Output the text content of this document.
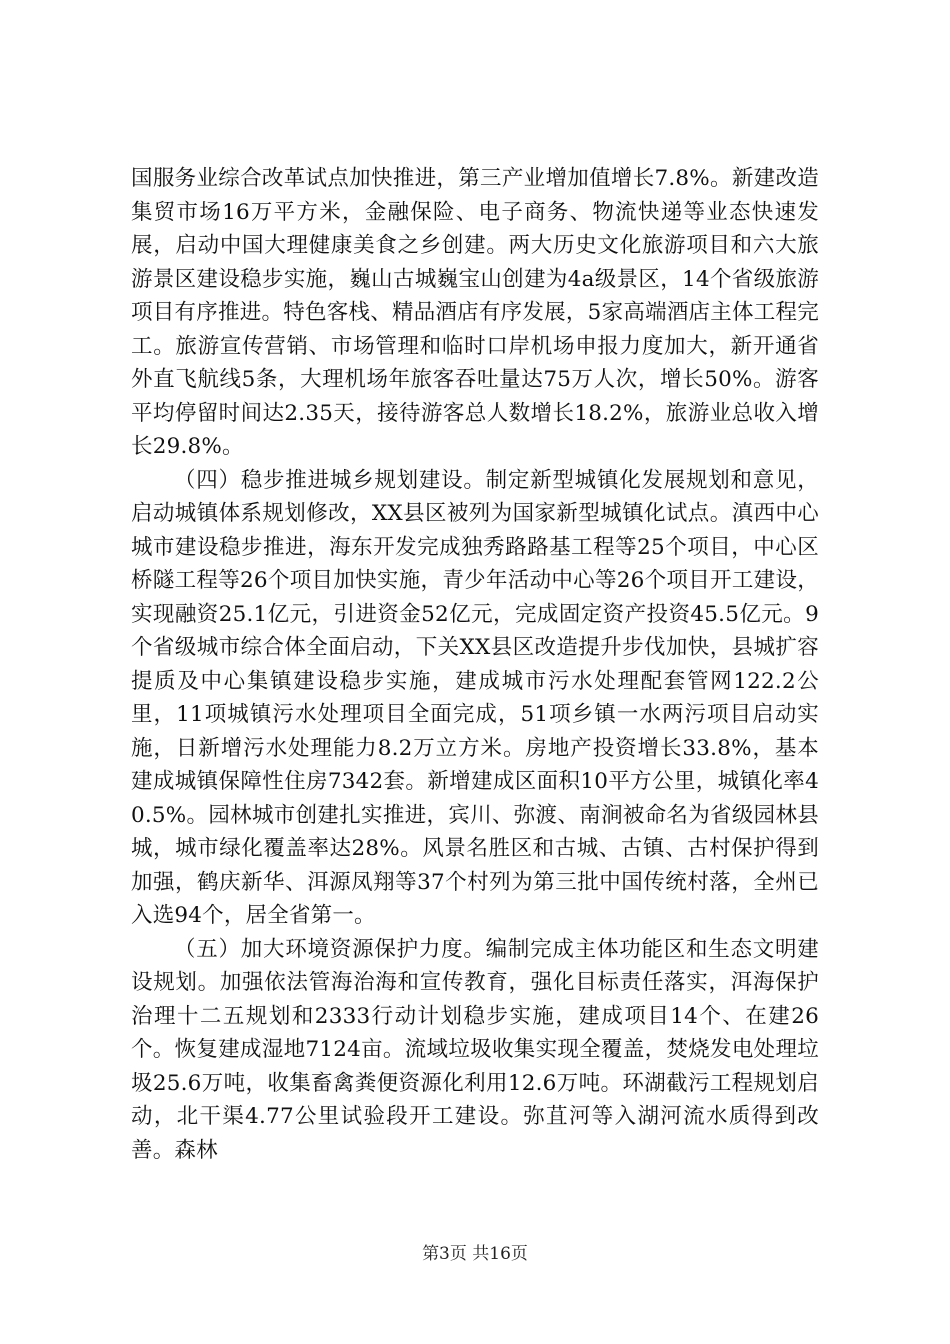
国服务业综合改革试点加快推进，第三产业增加值增长7.8%。新建改造集贸市场16万平方米，金融保险、电子商务、物流快递等业态快速发展，启动中国大理健康美食之乡创建。两大历史文化旅游项目和六大旅游景区建设稳步实施，巍山古城巍宝山创建为4a级景区，14个省级旅游项目有序推进。特色客栈、精品酒店有序发展，5家高端酒店主体工程完工。旅游宣传营销、市场管理和临时口岸机场申报力度加大，新开通省外直飞航线5条，大理机场年旅客吞吐量达75万人次，增长50%。游客平均停留时间达2.35天，接待游客总人数增长18.2%，旅游业总收入增长29.8%。

（四）稳步推进城乡规划建设。制定新型城镇化发展规划和意见，启动城镇体系规划修改，XX县区被列为国家新型城镇化试点。滇西中心城市建设稳步推进，海东开发完成独秀路路基工程等25个项目，中心区桥隧工程等26个项目加快实施，青少年活动中心等26个项目开工建设，实现融资25.1亿元，引进资金52亿元，完成固定资产投资45.5亿元。9个省级城市综合体全面启动，下关XX县区改造提升步伐加快，县城扩容提质及中心集镇建设稳步实施，建成城市污水处理配套管网122.2公里，11项城镇污水处理项目全面完成，51项乡镇一水两污项目启动实施，日新增污水处理能力8.2万立方米。房地产投资增长33.8%，基本建成城镇保障性住房7342套。新增建成区面积10平方公里，城镇化率40.5%。园林城市创建扎实推进，宾川、弥渡、南涧被命名为省级园林县城，城市绿化覆盖率达28%。风景名胜区和古城、古镇、古村保护得到加强，鹤庆新华、洱源凤翔等37个村列为第三批中国传统村落，全州已入选94个，居全省第一。

（五）加大环境资源保护力度。编制完成主体功能区和生态文明建设规划。加强依法管海治海和宣传教育，强化目标责任落实，洱海保护治理十二五规划和2333行动计划稳步实施，建成项目14个、在建26个。恢复建成湿地7124亩。流域垃圾收集实现全覆盖，焚烧发电处理垃圾25.6万吨，收集畜禽粪便资源化利用12.6万吨。环湖截污工程规划启动，北干渠4.77公里试验段开工建设。弥苴河等入湖河流水质得到改善。森林

第3页 共16页
